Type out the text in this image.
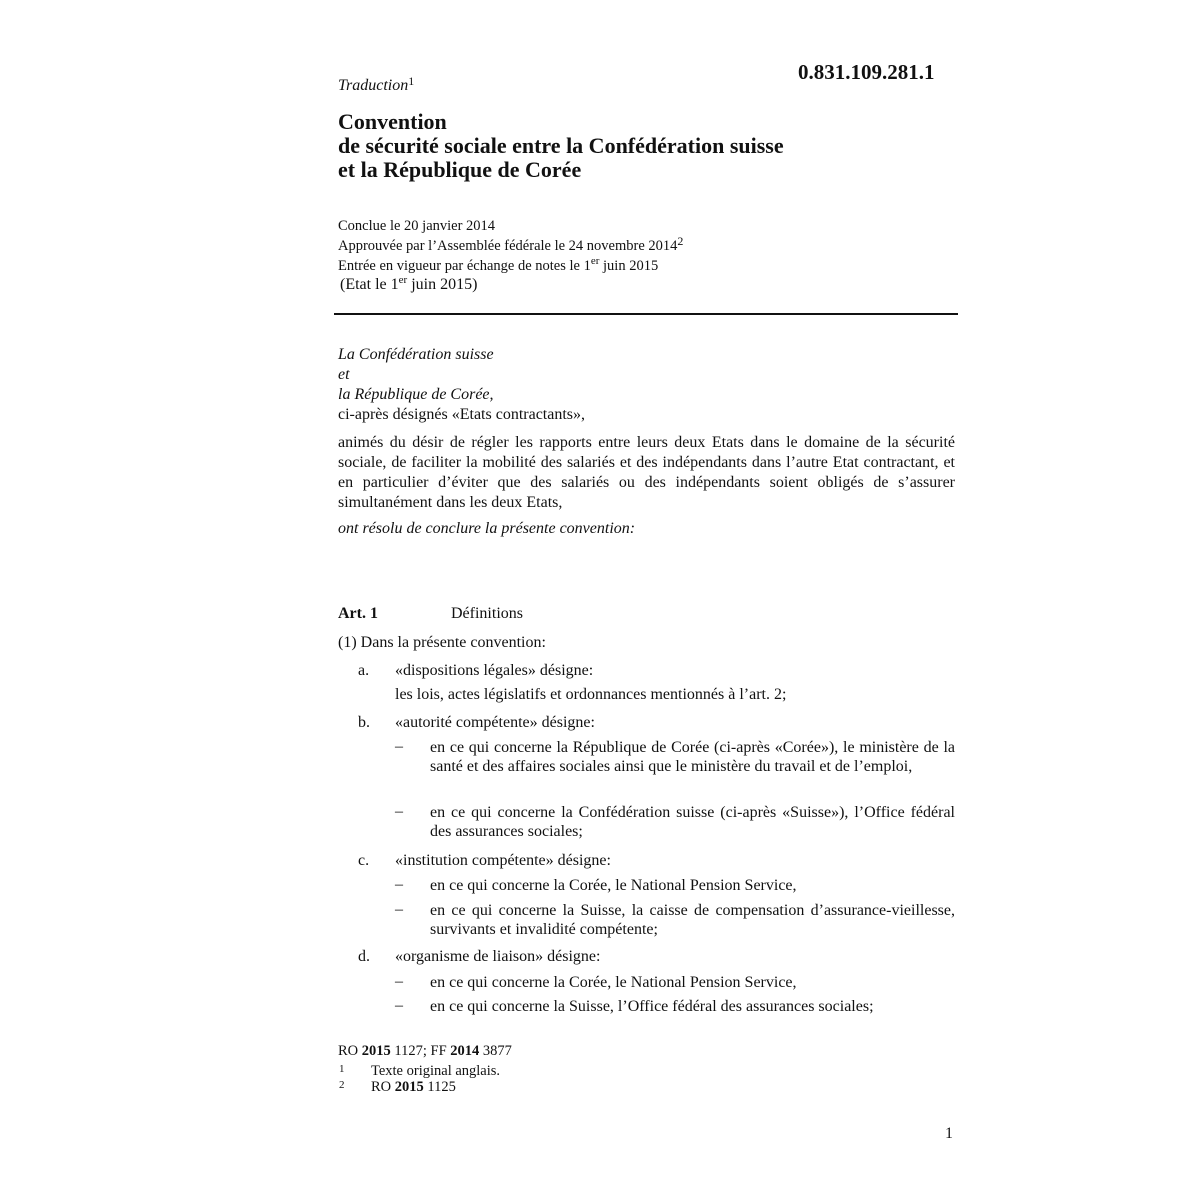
0.831.109.281.1
Traduction$^1$
Convention
de sécurité sociale entre la Confédération suisse
et la République de Corée
Conclue le 20 janvier 2014
Approuvée par l’Assemblée fédérale le 24 novembre 2014$^2$
Entrée en vigueur par échange de notes le 1er juin 2015
(Etat le 1er juin 2015)
La Confédération suisse
et
la République de Corée,
ci-après désignés «Etats contractants»,
animés du désir de régler les rapports entre leurs deux Etats dans le domaine de la sécurité sociale, de faciliter la mobilité des salariés et des indépendants dans l’autre Etat contractant, et en particulier d’éviter que des salariés ou des indépendants soient obligés de s’assurer simultanément dans les deux Etats,
ont résolu de conclure la présente convention:
Art. 1	Définitions
(1) Dans la présente convention:
a. «dispositions légales» désigne:
les lois, actes législatifs et ordonnances mentionnés à l’art. 2;
b. «autorité compétente» désigne:
– en ce qui concerne la République de Corée (ci-après «Corée»), le ministère de la santé et des affaires sociales ainsi que le ministère du travail et de l’emploi,
– en ce qui concerne la Confédération suisse (ci-après «Suisse»), l’Office fédéral des assurances sociales;
c. «institution compétente» désigne:
– en ce qui concerne la Corée, le National Pension Service,
– en ce qui concerne la Suisse, la caisse de compensation d’assurance-vieillesse, survivants et invalidité compétente;
d. «organisme de liaison» désigne:
– en ce qui concerne la Corée, le National Pension Service,
– en ce qui concerne la Suisse, l’Office fédéral des assurances sociales;
RO 2015 1127; FF 2014 3877
1 Texte original anglais.
2 RO 2015 1125
1
